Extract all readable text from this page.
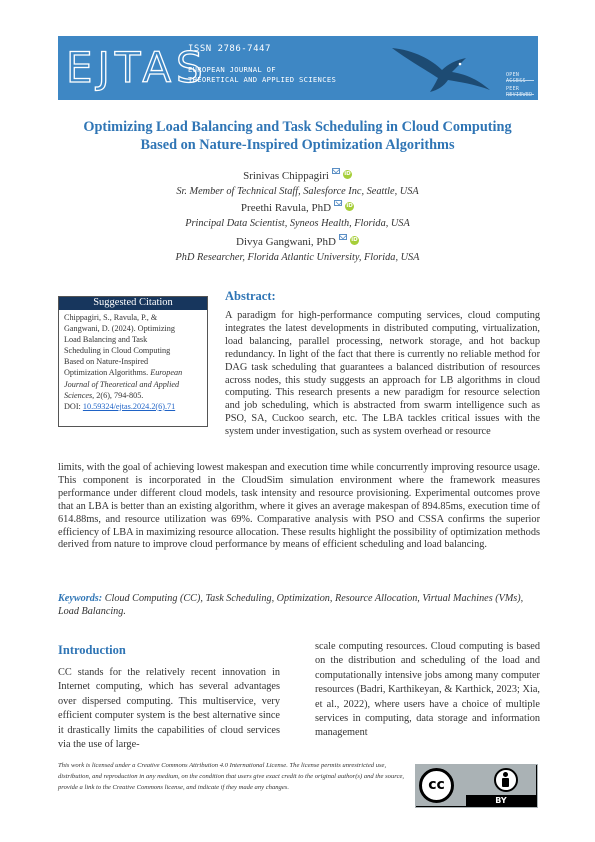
EJTAS
ISSN 2786-7447
EUROPEAN JOURNAL OF
THEORETICAL AND APPLIED SCIENCES	OPEN ACCESS
PEER REVIEWED
Optimizing Load Balancing and Task Scheduling in Cloud Computing
Based on Nature-Inspired Optimization Algorithms
Srinivas Chippagiri	iD
Sr. Member of Technical Staff, Salesforce Inc, Seattle, USA
Preethi Ravula, PhD	iD
Principal Data Scientist, Syneos Health, Florida, USA
Divya Gangwani, PhD	iD
PhD Researcher, Florida Atlantic University, Florida, USA
Suggested Citation
Chippagiri, S., Ravula, P., &
Gangwani, D. (2024). Optimizing
Load Balancing and Task
Scheduling in Cloud Computing
Based on Nature-Inspired
Optimization Algorithms. European
Journal of Theoretical and Applied
Sciences, 2(6), 794-805.
DOI: 10.59324/ejtas.2024.2(6).71
Abstract:

A paradigm for high-performance computing services, cloud computing integrates the latest developments in distributed computing, virtualization, load balancing, parallel processing, network storage, and hot backup redundancy. In light of the fact that there is currently no reliable method for DAG task scheduling that guarantees a balanced distribution of resources across nodes, this study suggests an approach for LB algorithms in cloud computing. This research presents a new paradigm for resource selection and job scheduling, which is abstracted from swarm intelligence such as PSO, SA, Cuckoo search, etc. The LBA tackles critical issues with the system under investigation, such as system overhead or resource

limits, with the goal of achieving lowest makespan and execution time while concurrently improving resource usage. This component is incorporated in the CloudSim simulation environment where the framework measures performance under different cloud models, task intensity and resource provisioning. Experimental outcomes prove that an LBA is better than an existing algorithm, where it gives an average makespan of 894.85ms, execution time of 614.88ms, and resource utilization was 69%. Comparative analysis with PSO and CSSA confirms the superior efficiency of LBA in maximizing resource allocation. These results highlight the possibility of optimization methods derived from nature to improve cloud performance by means of efficient scheduling and load balancing.

Keywords: Cloud Computing (CC), Task Scheduling, Optimization, Resource Allocation, Virtual Machines (VMs), Load Balancing.
Introduction

CC stands for the relatively recent innovation in Internet computing, which has several advantages over dispersed computing. This multiservice, very efficient computer system is the best alternative since it drastically limits the capabilities of cloud services via the use of large-

scale computing resources. Cloud computing is based on the distribution and scheduling of the load and computationally intensive jobs among many computer resources (Badri, Karthikeyan, & Karthick, 2023; Xia, et al., 2022), where users have a choice of multiple services in computing, data storage and information management

This work is licensed under a Creative Commons Attribution 4.0 International License. The license permits unrestricted use, distribution, and reproduction in any medium, on the condition that users give exact credit to the original author(s) and the source, provide a link to the Creative Commons license, and indicate if they made any changes.	cc
BY
